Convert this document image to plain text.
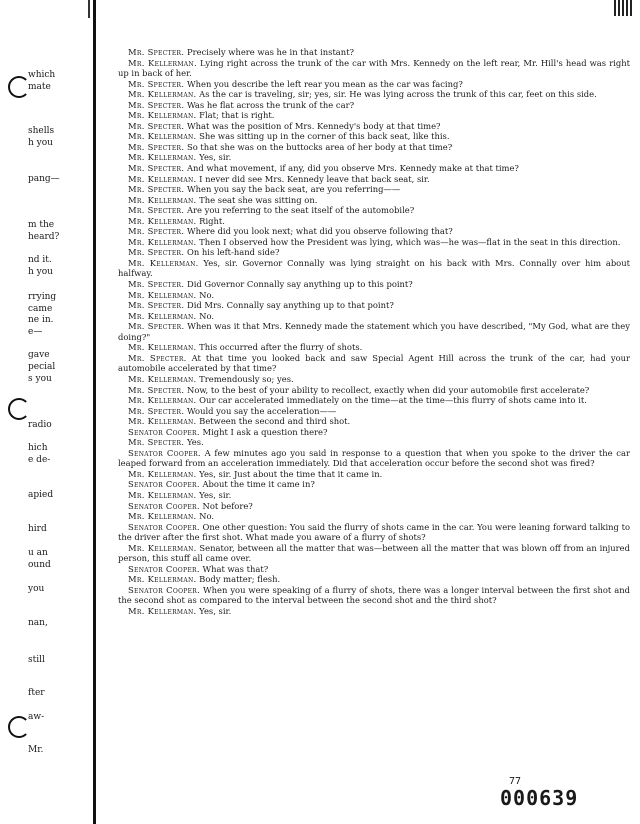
which
mate
shells
h you
pang—
m the
heard?
nd it.
h you
rrying
came
ne in.
e—
gave
pecial
s you
radio
hich
e de-
apied
hird
u an
ound
you
nan,
still
fter
aw-
Mr.

Mr. Specter. Precisely where was he in that instant?

Mr. Kellerman. Lying right across the trunk of the car with Mrs. Kennedy on the left rear, Mr. Hill's head was right up in back of her.

Mr. Specter. When you describe the left rear you mean as the car was facing?

Mr. Kellerman. As the car is traveling, sir; yes, sir. He was lying across the trunk of this car, feet on this side.

Mr. Specter. Was he flat across the trunk of the car?

Mr. Kellerman. Flat; that is right.

Mr. Specter. What was the position of Mrs. Kennedy's body at that time?

Mr. Kellerman. She was sitting up in the corner of this back seat, like this.

Mr. Specter. So that she was on the buttocks area of her body at that time?

Mr. Kellerman. Yes, sir.

Mr. Specter. And what movement, if any, did you observe Mrs. Kennedy make at that time?

Mr. Kellerman. I never did see Mrs. Kennedy leave that back seat, sir.

Mr. Specter. When you say the back seat, are you referring——

Mr. Kellerman. The seat she was sitting on.

Mr. Specter. Are you referring to the seat itself of the automobile?

Mr. Kellerman. Right.

Mr. Specter. Where did you look next; what did you observe following that?

Mr. Kellerman. Then I observed how the President was lying, which was—he was—flat in the seat in this direction.

Mr. Specter. On his left-hand side?

Mr. Kellerman. Yes, sir. Governor Connally was lying straight on his back with Mrs. Connally over him about halfway.

Mr. Specter. Did Governor Connally say anything up to this point?

Mr. Kellerman. No.

Mr. Specter. Did Mrs. Connally say anything up to that point?

Mr. Kellerman. No.

Mr. Specter. When was it that Mrs. Kennedy made the statement which you have described, "My God, what are they doing?"

Mr. Kellerman. This occurred after the flurry of shots.

Mr. Specter. At that time you looked back and saw Special Agent Hill across the trunk of the car, had your automobile accelerated by that time?

Mr. Kellerman. Tremendously so; yes.

Mr. Specter. Now, to the best of your ability to recollect, exactly when did your automobile first accelerate?

Mr. Kellerman. Our car accelerated immediately on the time—at the time—this flurry of shots came into it.

Mr. Specter. Would you say the acceleration——

Mr. Kellerman. Between the second and third shot.

Senator Cooper. Might I ask a question there?

Mr. Specter. Yes.

Senator Cooper. A few minutes ago you said in response to a question that when you spoke to the driver the car leaped forward from an acceleration immediately. Did that acceleration occur before the second shot was fired?

Mr. Kellerman. Yes, sir. Just about the time that it came in.

Senator Cooper. About the time it came in?

Mr. Kellerman. Yes, sir.

Senator Cooper. Not before?

Mr. Kellerman. No.

Senator Cooper. One other question: You said the flurry of shots came in the car. You were leaning forward talking to the driver after the first shot. What made you aware of a flurry of shots?

Mr. Kellerman. Senator, between all the matter that was—between all the matter that was blown off from an injured person, this stuff all came over.

Senator Cooper. What was that?

Mr. Kellerman. Body matter; flesh.

Senator Cooper. When you were speaking of a flurry of shots, there was a longer interval between the first shot and the second shot as compared to the interval between the second shot and the third shot?

Mr. Kellerman. Yes, sir.

77
000639
